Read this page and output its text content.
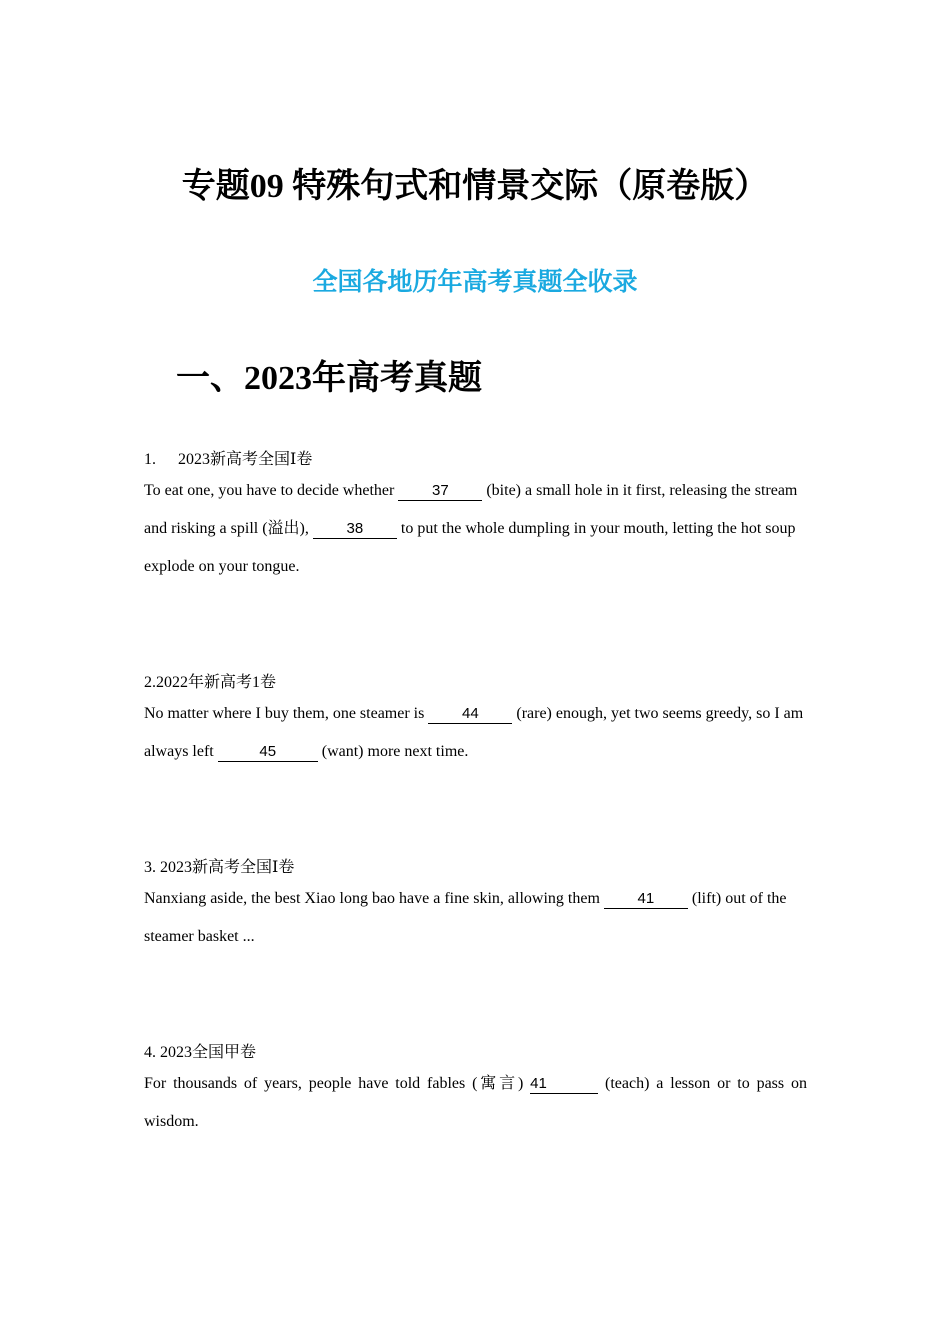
专题09 特殊句式和情景交际（原卷版）
全国各地历年高考真题全收录
一、2023年高考真题
1. 2023新高考全国Ⅰ卷
To eat one, you have to decide whether 37 (bite) a small hole in it first, releasing the stream and risking a spill (溢出), 38 to put the whole dumpling in your mouth, letting the hot soup explode on your tongue.
2.2022年新高考1卷
No matter where I buy them, one steamer is 44 (rare) enough, yet two seems greedy, so I am always left	45	(want) more next time.
3. 2023新高考全国Ⅰ卷
Nanxiang aside, the best Xiao long bao have a fine skin, allowing them 41 (lift) out of the steamer basket ...
4. 2023全国甲卷
For thousands of years, people have told fables (寓言) 41	(teach) a lesson or to pass on wisdom.
